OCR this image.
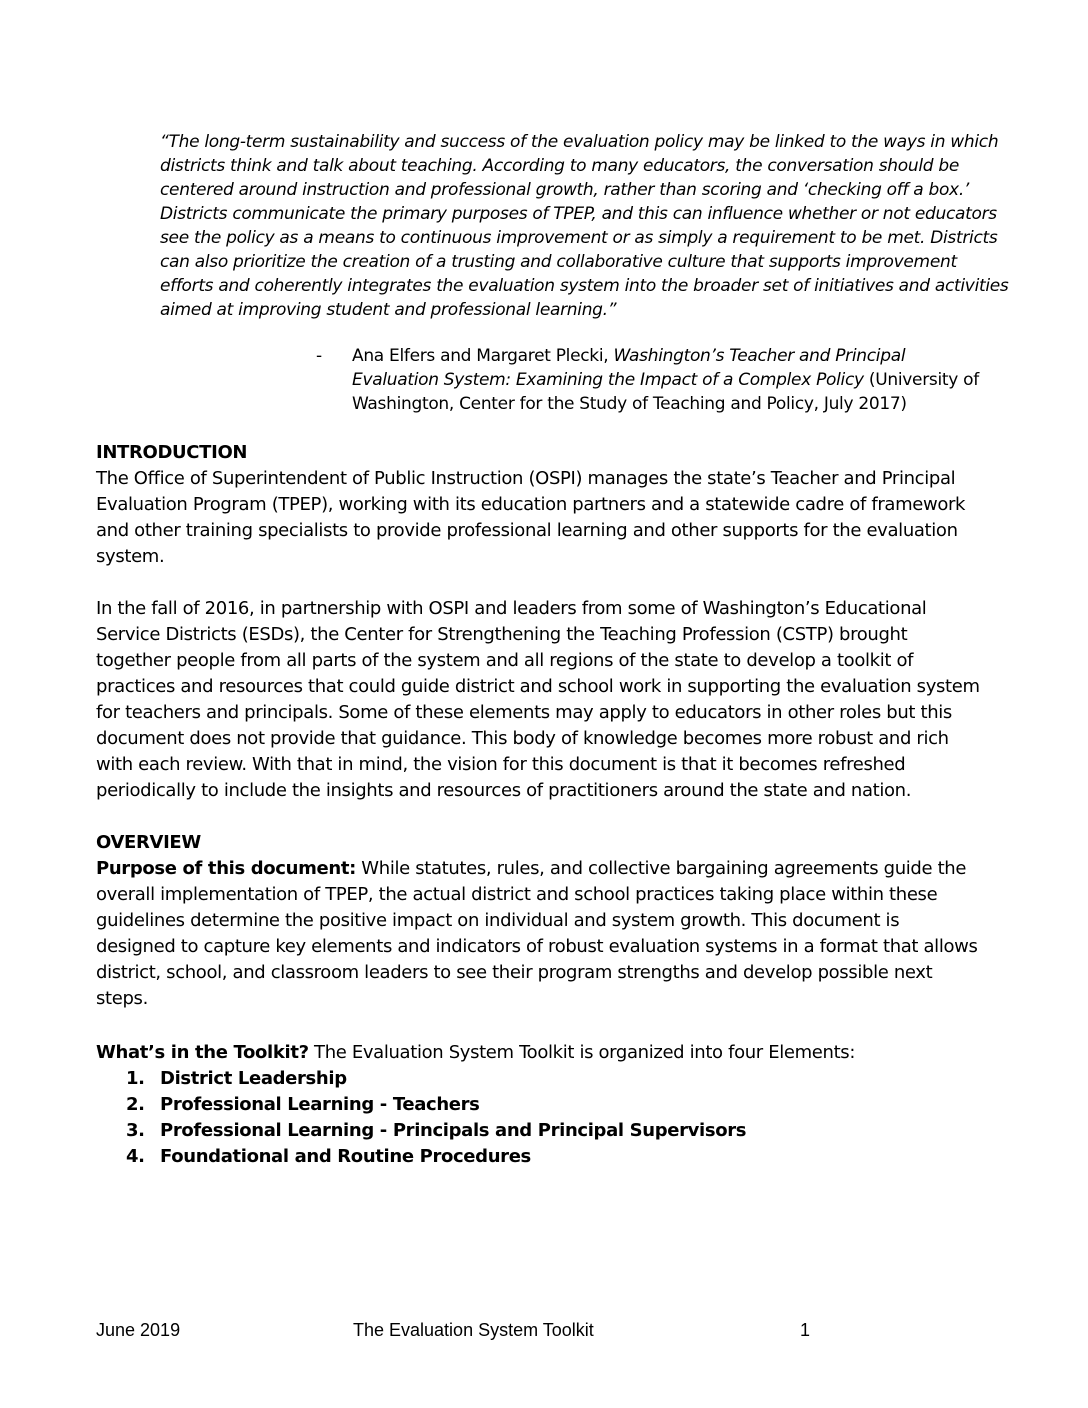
“The long-term sustainability and success of the evaluation policy may be linked to the ways in which
districts think and talk about teaching. According to many educators, the conversation should be
centered around instruction and professional growth, rather than scoring and ‘checking off a box.’
Districts communicate the primary purposes of TPEP, and this can influence whether or not educators
see the policy as a means to continuous improvement or as simply a requirement to be met. Districts
can also prioritize the creation of a trusting and collaborative culture that supports improvement
efforts and coherently integrates the evaluation system into the broader set of initiatives and activities
aimed at improving student and professional learning.”
- Ana Elfers and Margaret Plecki, Washington’s Teacher and Principal
Evaluation System: Examining the Impact of a Complex Policy (University of
Washington, Center for the Study of Teaching and Policy, July 2017)
INTRODUCTION
The Office of Superintendent of Public Instruction (OSPI) manages the state’s Teacher and Principal
Evaluation Program (TPEP), working with its education partners and a statewide cadre of framework
and other training specialists to provide professional learning and other supports for the evaluation
system.
In the fall of 2016, in partnership with OSPI and leaders from some of Washington’s Educational
Service Districts (ESDs), the Center for Strengthening the Teaching Profession (CSTP) brought
together people from all parts of the system and all regions of the state to develop a toolkit of
practices and resources that could guide district and school work in supporting the evaluation system
for teachers and principals. Some of these elements may apply to educators in other roles but this
document does not provide that guidance. This body of knowledge becomes more robust and rich
with each review. With that in mind, the vision for this document is that it becomes refreshed
periodically to include the insights and resources of practitioners around the state and nation.
OVERVIEW
Purpose of this document: While statutes, rules, and collective bargaining agreements guide the
overall implementation of TPEP, the actual district and school practices taking place within these
guidelines determine the positive impact on individual and system growth. This document is
designed to capture key elements and indicators of robust evaluation systems in a format that allows
district, school, and classroom leaders to see their program strengths and develop possible next
steps.
What’s in the Toolkit? The Evaluation System Toolkit is organized into four Elements:
1. District Leadership
2. Professional Learning - Teachers
3. Professional Learning - Principals and Principal Supervisors
4. Foundational and Routine Procedures
June 2019	The Evaluation System Toolkit	1
